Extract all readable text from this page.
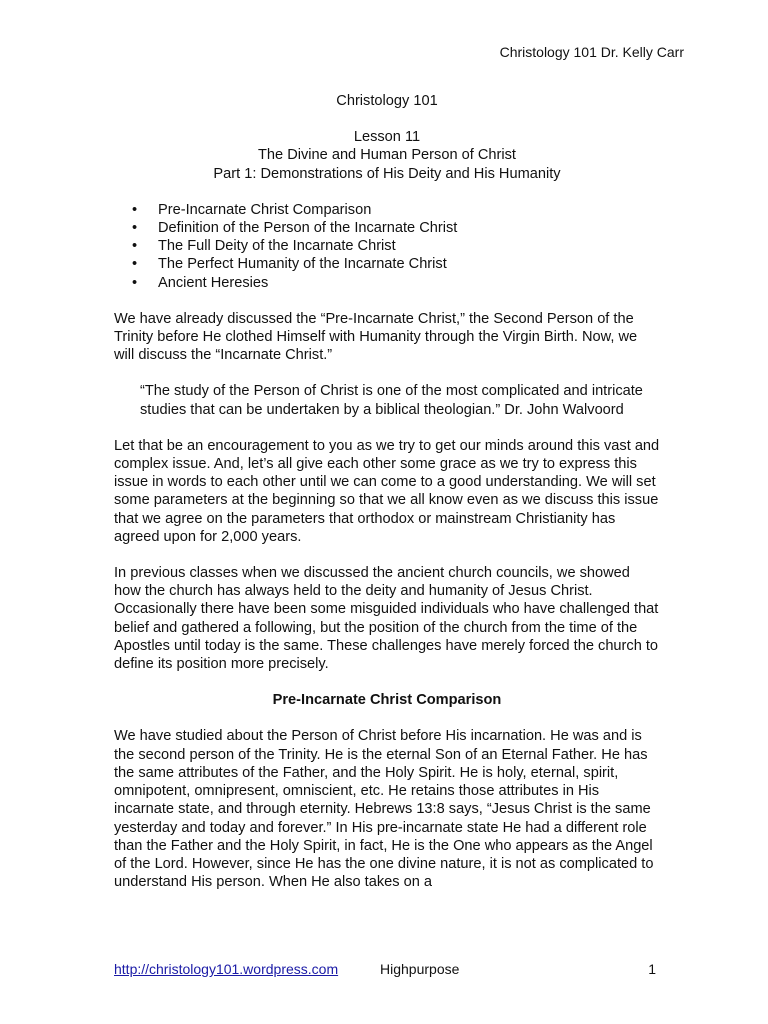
Christology 101 Dr. Kelly Carr

Christology 101

Lesson 11

The Divine and Human Person of Christ

Part 1: Demonstrations of His Deity and His Humanity

• Pre-Incarnate Christ Comparison
• Definition of the Person of the Incarnate Christ
• The Full Deity of the Incarnate Christ
• The Perfect Humanity of the Incarnate Christ
• Ancient Heresies

We have already discussed the “Pre-Incarnate Christ,” the Second Person of the Trinity before He clothed Himself with Humanity through the Virgin Birth. Now, we will discuss the “Incarnate Christ.”

“The study of the Person of Christ is one of the most complicated and intricate studies that can be undertaken by a biblical theologian.” Dr. John Walvoord

Let that be an encouragement to you as we try to get our minds around this vast and complex issue. And, let’s all give each other some grace as we try to express this issue in words to each other until we can come to a good understanding. We will set some parameters at the beginning so that we all know even as we discuss this issue that we agree on the parameters that orthodox or mainstream Christianity has agreed upon for 2,000 years.

In previous classes when we discussed the ancient church councils, we showed how the church has always held to the deity and humanity of Jesus Christ. Occasionally there have been some misguided individuals who have challenged that belief and gathered a following, but the position of the church from the time of the Apostles until today is the same. These challenges have merely forced the church to define its position more precisely.

Pre-Incarnate Christ Comparison

We have studied about the Person of Christ before His incarnation. He was and is the second person of the Trinity. He is the eternal Son of an Eternal Father. He has the same attributes of the Father, and the Holy Spirit. He is holy, eternal, spirit, omnipotent, omnipresent, omniscient, etc. He retains those attributes in His incarnate state, and through eternity. Hebrews 13:8 says, “Jesus Christ is the same yesterday and today and forever.” In His pre-incarnate state He had a different role than the Father and the Holy Spirit, in fact, He is the One who appears as the Angel of the Lord. However, since He has the one divine nature, it is not as complicated to understand His person. When He also takes on a

http://christology101.wordpress.com	Highpurpose	1
